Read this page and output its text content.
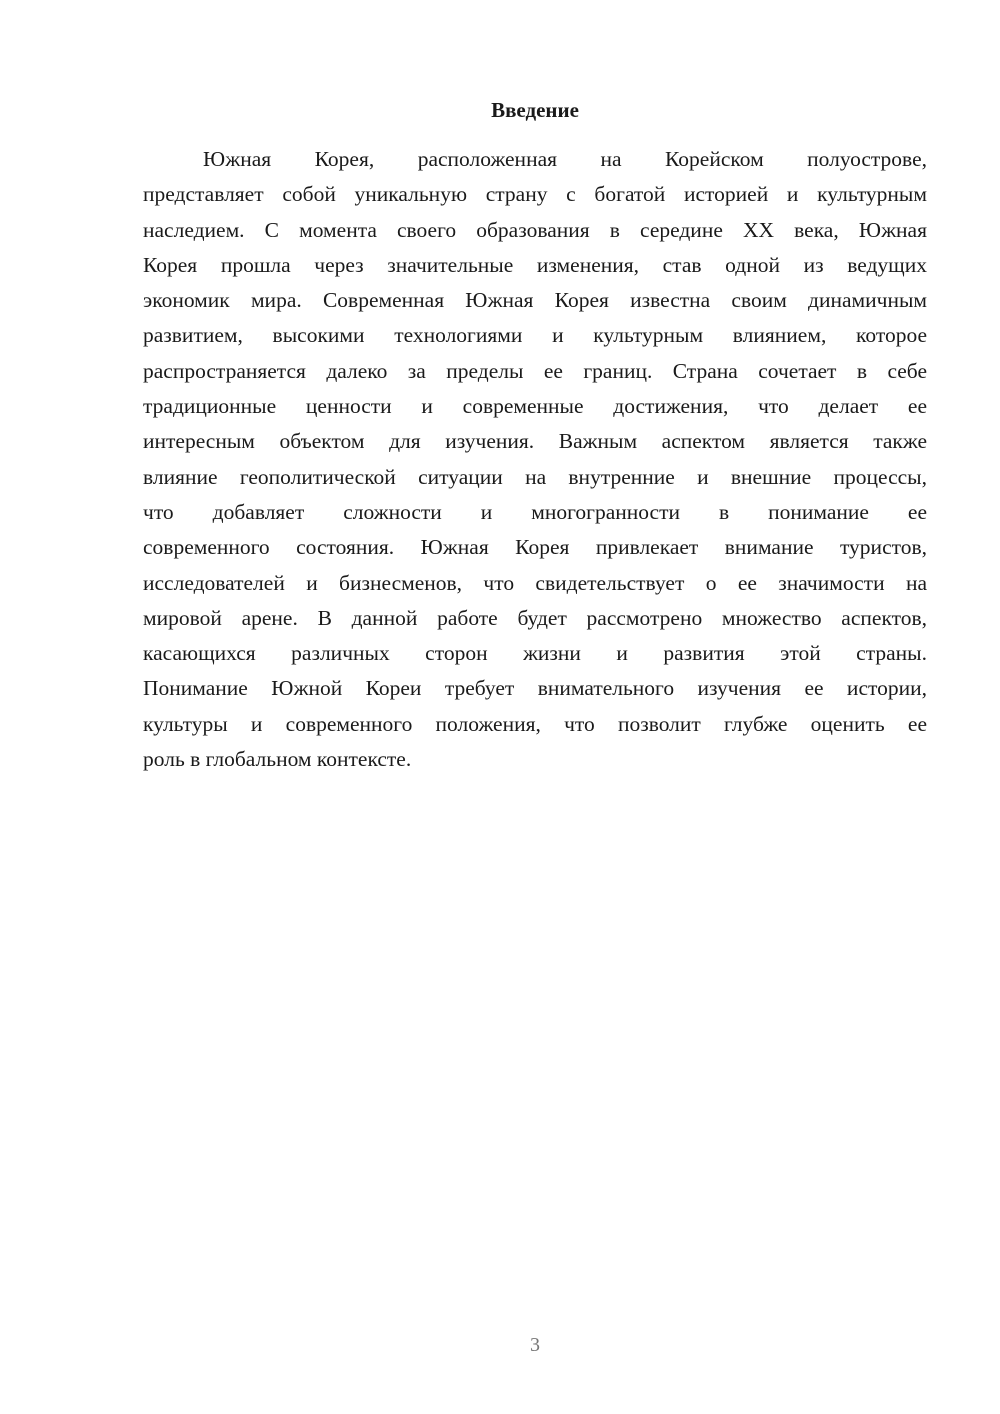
Введение
Южная Корея, расположенная на Корейском полуострове,
представляет собой уникальную страну с богатой историей и культурным
наследием. С момента своего образования в середине XX века, Южная
Корея прошла через значительные изменения, став одной из ведущих
экономик мира. Современная Южная Корея известна своим динамичным
развитием, высокими технологиями и культурным влиянием, которое
распространяется далеко за пределы ее границ. Страна сочетает в себе
традиционные ценности и современные достижения, что делает ее
интересным объектом для изучения. Важным аспектом является также
влияние геополитической ситуации на внутренние и внешние процессы,
что добавляет сложности и многогранности в понимание ее
современного состояния. Южная Корея привлекает внимание туристов,
исследователей и бизнесменов, что свидетельствует о ее значимости на
мировой арене. В данной работе будет рассмотрено множество аспектов,
касающихся различных сторон жизни и развития этой страны.
Понимание Южной Кореи требует внимательного изучения ее истории,
культуры и современного положения, что позволит глубже оценить ее
роль в глобальном контексте.
3
